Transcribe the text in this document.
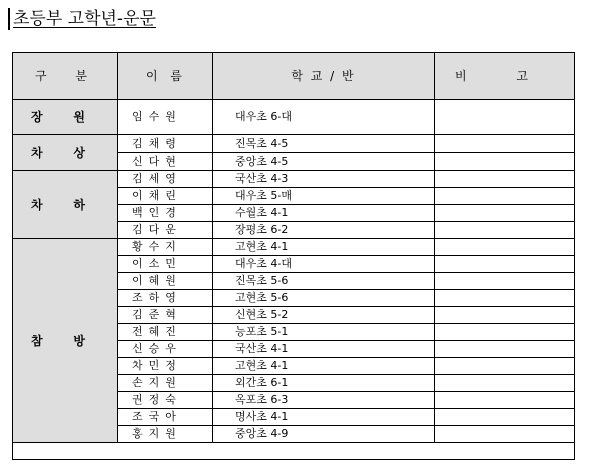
초등부 고학년-운문
구 분	이 름	학 교 / 반	비 고

장 원	임수원	대우초 6-대	

차 상	김채령	진목초 4-5	
	신다현	중앙초 4-5	

차 하	김세영	국산초 4-3	
	이채린	대우초 5-매	
	백인경	수월초 4-1	
	김다운	장평초 6-2	

참 방	황수지	고현초 4-1	
	이소민	대우초 4-대	
	이혜원	진목초 5-6	
	조하영	고현초 5-6	
	김준혁	신현초 5-2	
	전혜진	능포초 5-1	
	신승우	국산초 4-1	
	차민정	고현초 4-1	
	손지원	외간초 6-1	
	권정숙	옥포초 6-3	
	조국아	명사초 4-1	
	홍지원	중앙초 4-9	
